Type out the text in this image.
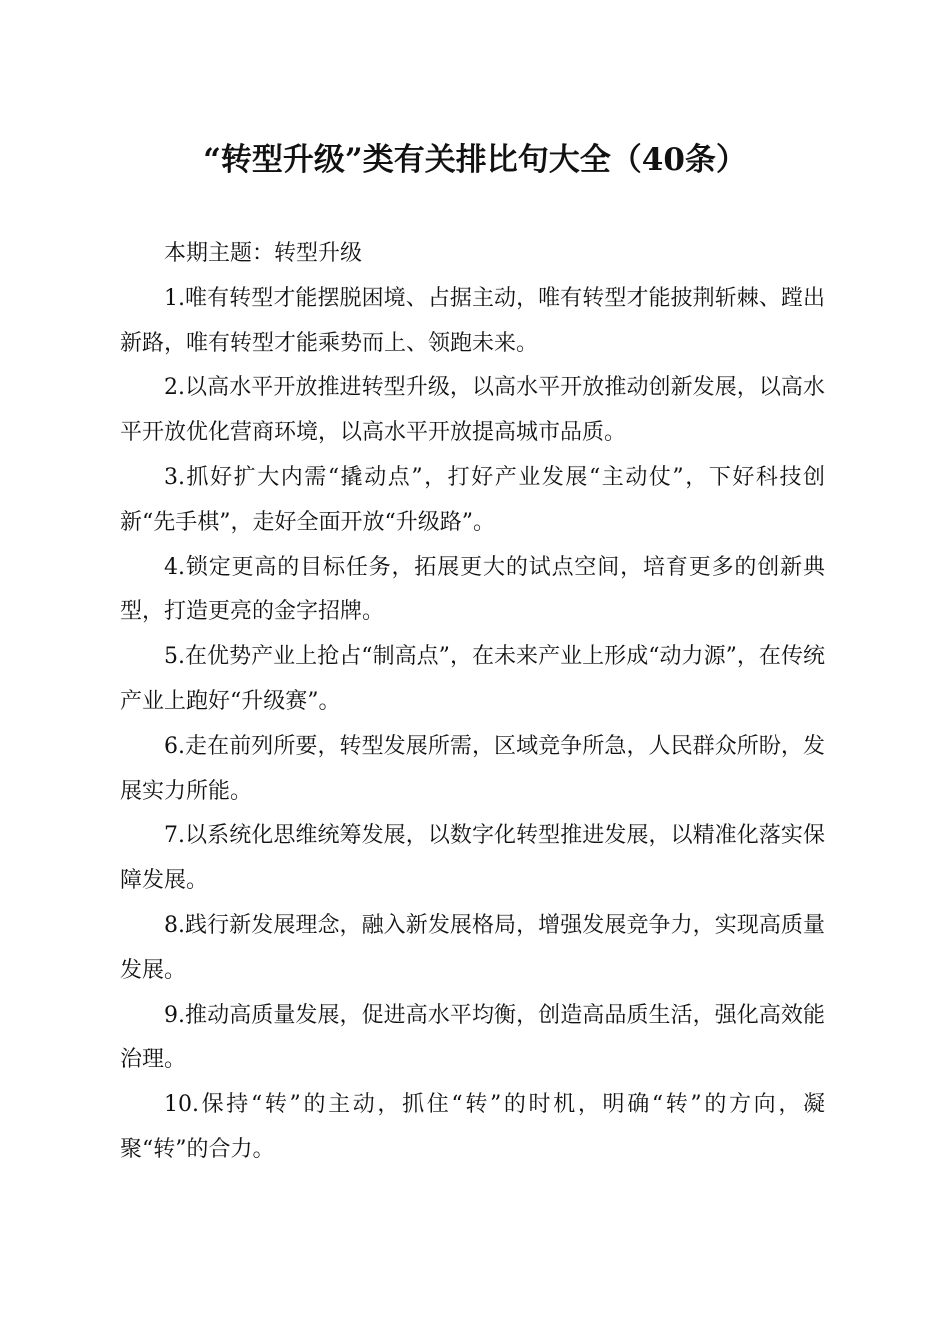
“转型升级”类有关排比句大全（40条）

本期主题：转型升级

1.唯有转型才能摆脱困境、占据主动，唯有转型才能披荆斩棘、蹚出新路，唯有转型才能乘势而上、领跑未来。

2.以高水平开放推进转型升级，以高水平开放推动创新发展，以高水平开放优化营商环境，以高水平开放提高城市品质。

3.抓好扩大内需“撬动点”，打好产业发展“主动仗”，下好科技创新“先手棋”，走好全面开放“升级路”。

4.锁定更高的目标任务，拓展更大的试点空间，培育更多的创新典型，打造更亮的金字招牌。

5.在优势产业上抢占“制高点”，在未来产业上形成“动力源”，在传统产业上跑好“升级赛”。

6.走在前列所要，转型发展所需，区域竞争所急，人民群众所盼，发展实力所能。

7.以系统化思维统筹发展，以数字化转型推进发展，以精准化落实保障发展。

8.践行新发展理念，融入新发展格局，增强发展竞争力，实现高质量发展。

9.推动高质量发展，促进高水平均衡，创造高品质生活，强化高效能治理。

10.保持“转”的主动，抓住“转”的时机，明确“转”的方向，凝聚“转”的合力。
